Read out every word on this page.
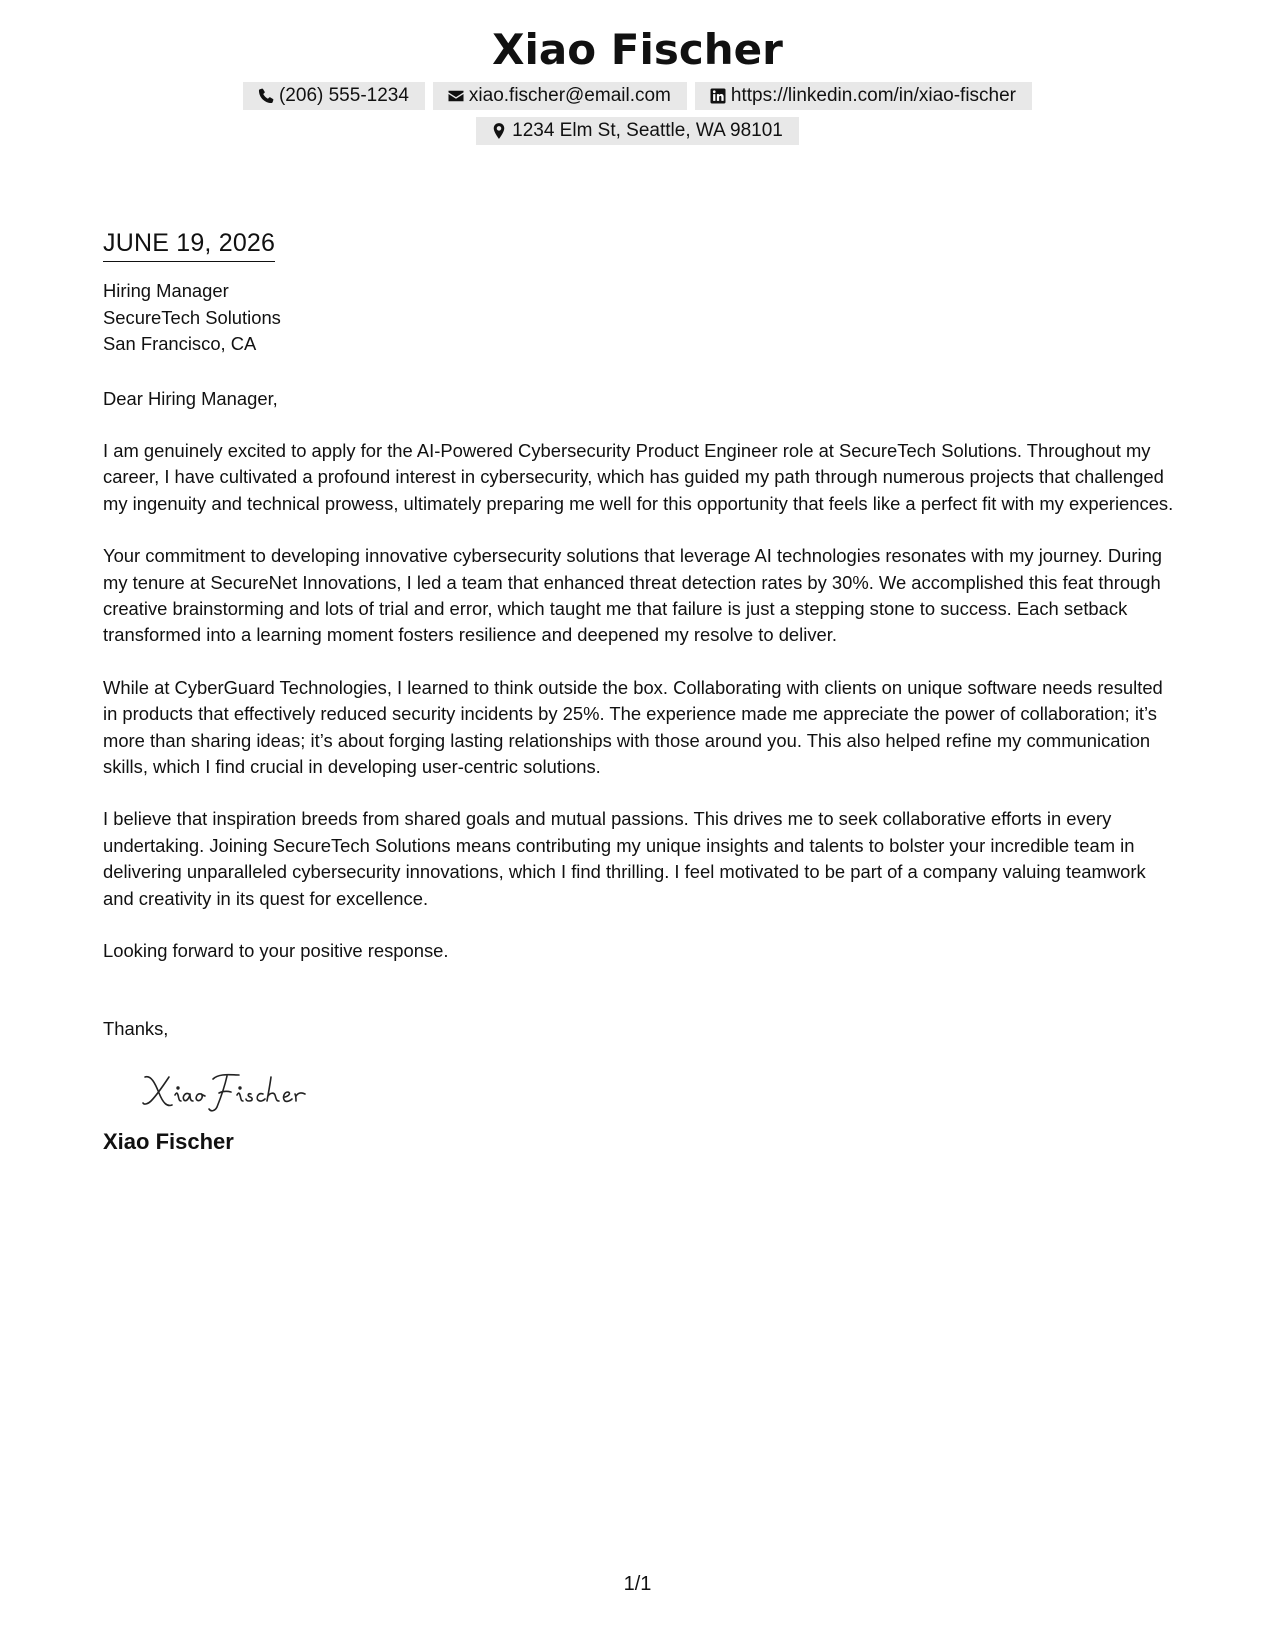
Xiao Fischer
(206) 555-1234	xiao.fischer@email.com	https://linkedin.com/in/xiao-fischer
1234 Elm St, Seattle, WA 98101
JUNE 19, 2026
Hiring Manager
SecureTech Solutions
San Francisco, CA
Dear Hiring Manager,

I am genuinely excited to apply for the AI-Powered Cybersecurity Product Engineer role at SecureTech Solutions. Throughout my career, I have cultivated a profound interest in cybersecurity, which has guided my path through numerous projects that challenged my ingenuity and technical prowess, ultimately preparing me well for this opportunity that feels like a perfect fit with my experiences.

Your commitment to developing innovative cybersecurity solutions that leverage AI technologies resonates with my journey. During my tenure at SecureNet Innovations, I led a team that enhanced threat detection rates by 30%. We accomplished this feat through creative brainstorming and lots of trial and error, which taught me that failure is just a stepping stone to success. Each setback transformed into a learning moment fosters resilience and deepened my resolve to deliver.

While at CyberGuard Technologies, I learned to think outside the box. Collaborating with clients on unique software needs resulted in products that effectively reduced security incidents by 25%. The experience made me appreciate the power of collaboration; it’s more than sharing ideas; it’s about forging lasting relationships with those around you. This also helped refine my communication skills, which I find crucial in developing user-centric solutions.

I believe that inspiration breeds from shared goals and mutual passions. This drives me to seek collaborative efforts in every undertaking. Joining SecureTech Solutions means contributing my unique insights and talents to bolster your incredible team in delivering unparalleled cybersecurity innovations, which I find thrilling. I feel motivated to be part of a company valuing teamwork and creativity in its quest for excellence.

Looking forward to your positive response.
Thanks,
Xiao Fischer
1/1
